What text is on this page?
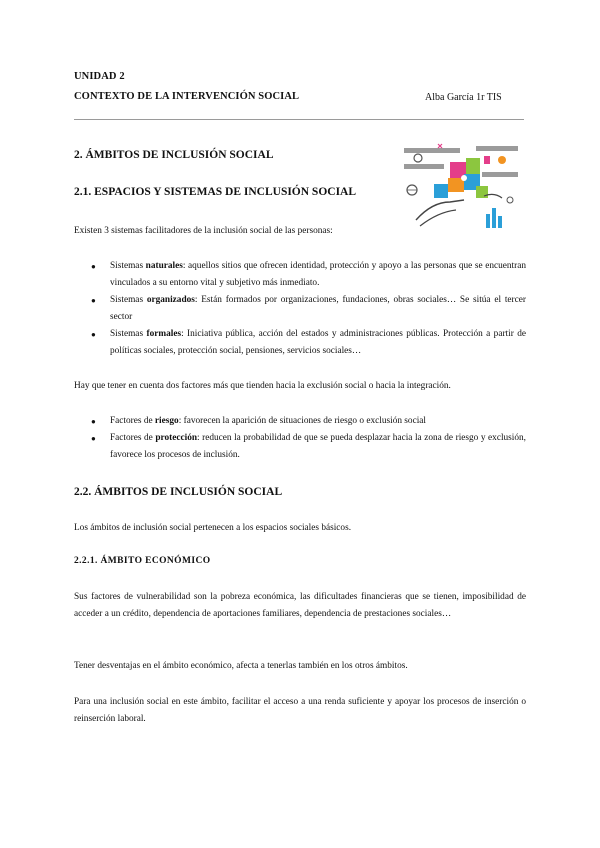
UNIDAD 2
CONTEXTO DE LA INTERVENCIÓN SOCIAL	Alba García 1r TIS
2. ÁMBITOS DE INCLUSIÓN SOCIAL
2.1. ESPACIOS Y SISTEMAS DE INCLUSIÓN SOCIAL
Existen 3 sistemas facilitadores de la inclusión social de las personas:
● Sistemas naturales: aquellos sitios que ofrecen identidad, protección y apoyo a las personas que se encuentran vinculados a su entorno vital y subjetivo más inmediato.
● Sistemas organizados: Están formados por organizaciones, fundaciones, obras sociales… Se sitúa el tercer sector
● Sistemas formales: Iniciativa pública, acción del estados y administraciones públicas. Protección a partir de políticas sociales, protección social, pensiones, servicios sociales…
Hay que tener en cuenta dos factores más que tienden hacia la exclusión social o hacia la integración.
● Factores de riesgo: favorecen la aparición de situaciones de riesgo o exclusión social
● Factores de protección: reducen la probabilidad de que se pueda desplazar hacia la zona de riesgo y exclusión, favorece los procesos de inclusión.
2.2. ÁMBITOS DE INCLUSIÓN SOCIAL
Los ámbitos de inclusión social pertenecen a los espacios sociales básicos.
2.2.1. ÁMBITO ECONÓMICO
Sus factores de vulnerabilidad son la pobreza económica, las dificultades financieras que se tienen, imposibilidad de acceder a un crédito, dependencia de aportaciones familiares, dependencia de prestaciones sociales…
Tener desventajas en el ámbito económico, afecta a tenerlas también en los otros ámbitos.
Para una inclusión social en este ámbito, facilitar el acceso a una renda suficiente y apoyar los procesos de inserción o reinserción laboral.
